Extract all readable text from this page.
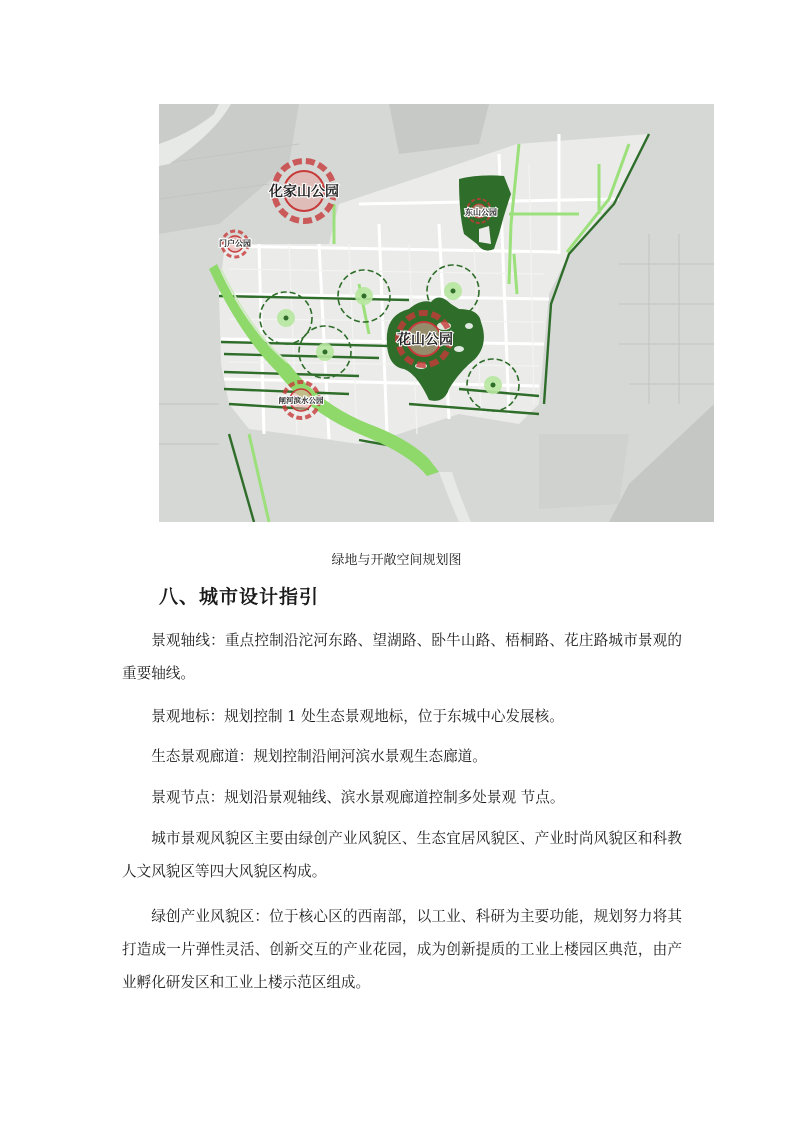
化家山公园
东山公园
门户公园
花山公园
闸河滨水公园
绿地与开敞空间规划图
八、城市设计指引

景观轴线：重点控制沿沱河东路、望湖路、卧牛山路、梧桐路、花庄路城市景观的重要轴线。

景观地标：规划控制 1 处生态景观地标，位于东城中心发展核。

生态景观廊道：规划控制沿闸河滨水景观生态廊道。

景观节点：规划沿景观轴线、滨水景观廊道控制多处景观 节点。

城市景观风貌区主要由绿创产业风貌区、生态宜居风貌区、产业时尚风貌区和科教人文风貌区等四大风貌区构成。

绿创产业风貌区：位于核心区的西南部，以工业、科研为主要功能，规划努力将其打造成一片弹性灵活、创新交互的产业花园，成为创新提质的工业上楼园区典范，由产业孵化研发区和工业上楼示范区组成。
